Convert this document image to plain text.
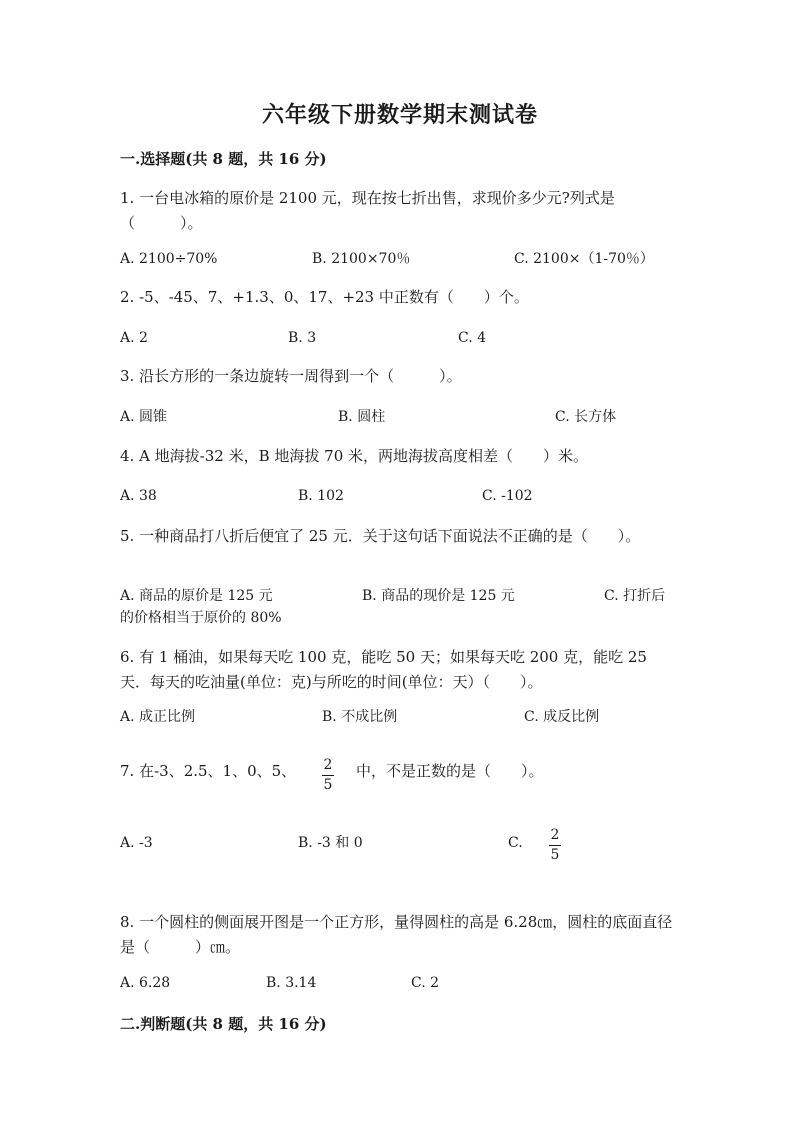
六年级下册数学期末测试卷
一.选择题(共 8 题，共 16 分)
1. 一台电冰箱的原价是 2100 元，现在按七折出售，求现价多少元?列式是（　　　）。
A. 2100÷70%	B. 2100×70％	C. 2100×（1-70％）
2. -5、-45、7、+1.3、0、17、+23 中正数有（　　）个。
A. 2	B. 3	C. 4
3. 沿长方形的一条边旋转一周得到一个（　　　）。
A. 圆锥	B. 圆柱	C. 长方体
4. A 地海拔-32 米，B 地海拔 70 米，两地海拔高度相差（　　）米。
A. 38	B. 102	C. -102
5. 一种商品打八折后便宜了 25 元．关于这句话下面说法不正确的是（　　）。
A. 商品的原价是 125 元	B. 商品的现价是 125 元	C. 打折后
的价格相当于原价的 80%
6. 有 1 桶油，如果每天吃 100 克，能吃 50 天；如果每天吃 200 克，能吃 25 天．每天的吃油量(单位：克)与所吃的时间(单位：天）（　　）。
A. 成正比例	B. 不成比例	C. 成反比例
7. 在-3、2.5、1、0、5、	2
5
中，不是正数的是（　　）。
A. -3	B. -3 和 0	C. 2
5
8. 一个圆柱的侧面展开图是一个正方形，量得圆柱的高是 6.28㎝，圆柱的底面直径是（　　　）㎝。
A. 6.28	B. 3.14	C. 2
二.判断题(共 8 题，共 16 分)
